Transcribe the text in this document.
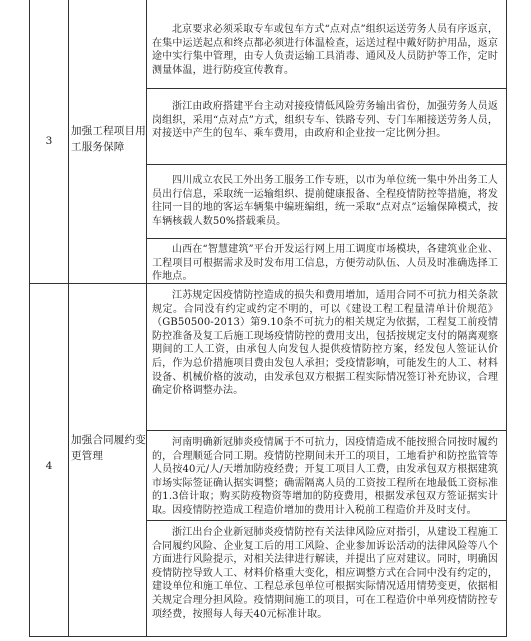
3
加强工程项目用工服务保障

北京要求必须采取专车或包车方式“点对点”组织运送劳务人员有序返京，在集中运送起点和终点都必须进行体温检查，运送过程中戴好防护用品，返京途中实行集中管理，由专人负责运输工具消毒、通风及人员防护等工作，定时测量体温，进行防疫宣传教育。

浙江由政府搭建平台主动对接疫情低风险劳务输出省份，加强劳务人员返岗组织，采用“点对点”方式，组织专车、铁路专列、专门车厢接送劳务人员，对接送中产生的包车、乘车费用，由政府和企业按一定比例分担。

四川成立农民工外出务工服务工作专班，以市为单位统一集中外出务工人员出行信息，采取统一运输组织、提前健康报备、全程疫情防控等措施，将发往同一目的地的客运车辆集中编班编组，统一采取“点对点”运输保障模式，按车辆核载人数50%搭载乘员。

山西在“智慧建筑”平台开发运行网上用工调度市场模块，各建筑业企业、工程项目可根据需求及时发布用工信息，方便劳动队伍、人员及时准确选择工作地点。

4
加强合同履约变更管理

江苏规定因疫情防控造成的损失和费用增加，适用合同不可抗力相关条款规定。合同没有约定或约定不明的，可以《建设工程工程量清单计价规范》（GB50500-2013）第9.10条不可抗力的相关规定为依据，工程复工前疫情防控准备及复工后施工现场疫情防控的费用支出，包括按规定支付的隔离观察期间的工人工资，由承包人向发包人提供疫情防控方案，经发包人签证认价后，作为总价措施项目费由发包人承担；受疫情影响，可能发生的人工、材料设备、机械价格的波动，由发承包双方根据工程实际情况签订补充协议，合理确定价格调整办法。

河南明确新冠肺炎疫情属于不可抗力，因疫情造成不能按照合同按时履约的，合理顺延合同工期。疫情防控期间未开工的项目，工地看护和防控监管等人员按40元/人/天增加防疫经费；开复工项目人工费，由发承包双方根据建筑市场实际签证确认据实调整；确需隔离人员的工资按工程所在地最低工资标准的1.3倍计取；购买防疫物资等增加的防疫费用，根据发承包双方签证据实计取。因疫情防控造成工程造价增加的费用计入税前工程造价并及时支付。

浙江出台企业新冠肺炎疫情防控有关法律风险应对指引，从建设工程施工合同履约风险、企业复工后的用工风险、企业参加诉讼活动的法律风险等八个方面进行风险提示，对相关法律进行解读，并提出了应对建议。同时，明确因疫情防控导致人工、材料价格重大变化，相应调整方式在合同中没有约定的，建设单位和施工单位、工程总承包单位可根据实际情况适用情势变更，依据相关规定合理分担风险。疫情期间施工的项目，可在工程造价中单列疫情防控专项经费，按照每人每天40元标准计取。
